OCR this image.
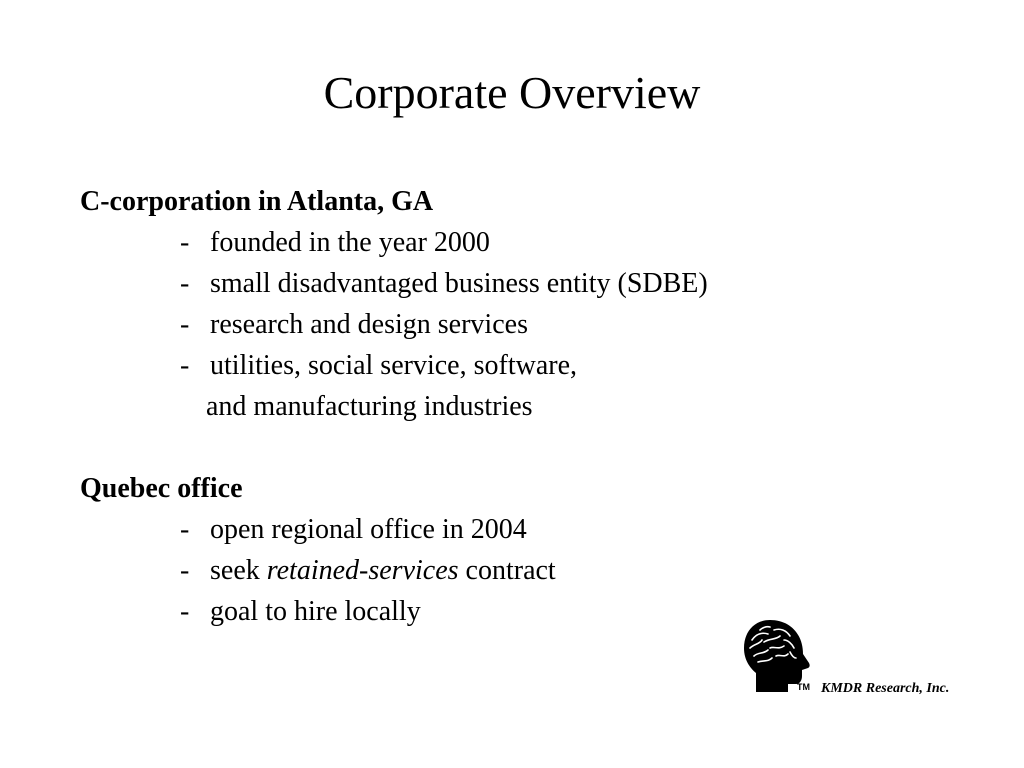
Corporate Overview
C-corporation in Atlanta, GA
- founded in the year 2000
- small disadvantaged business entity (SDBE)
- research and design services
- utilities, social service, software,
and manufacturing industries
Quebec office
- open regional office in 2004
- seek retained-services contract
- goal to hire locally
TM KMDR Research, Inc.
